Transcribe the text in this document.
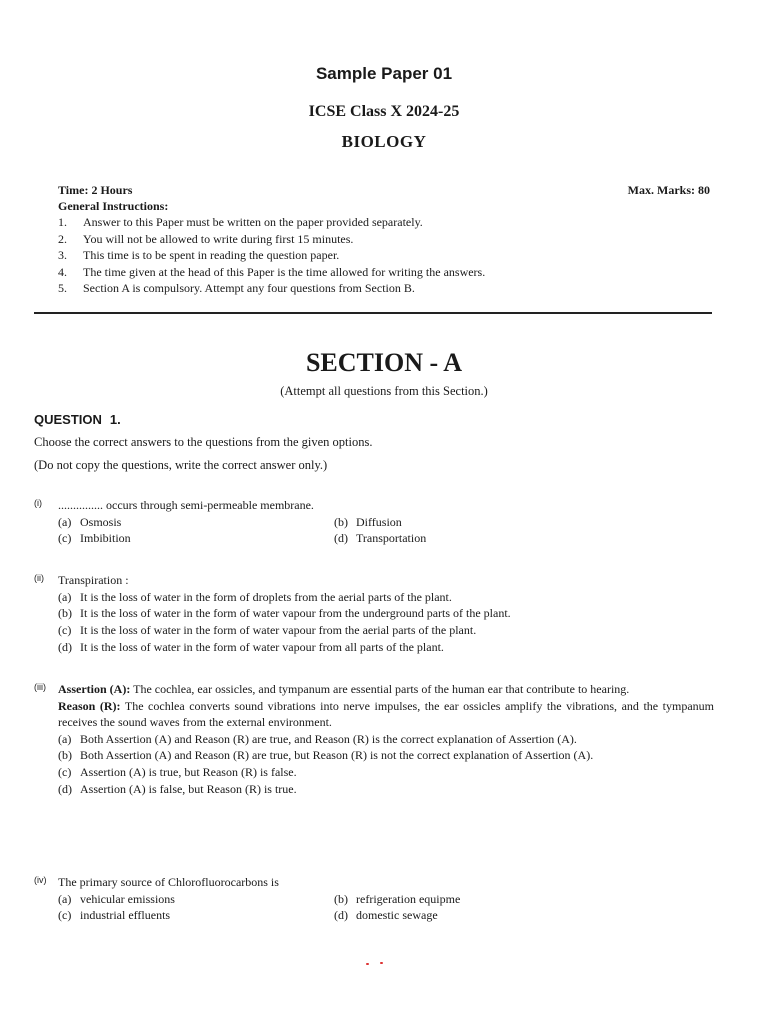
Sample Paper 01
ICSE Class X 2024-25
BIOLOGY
Time: 2 Hours	Max. Marks: 80
General Instructions:
1.	Answer to this Paper must be written on the paper provided separately.
2.	You will not be allowed to write during first 15 minutes.
3.	This time is to be spent in reading the question paper.
4.	The time given at the head of this Paper is the time allowed for writing the answers.
5.	Section A is compulsory. Attempt any four questions from Section B.
SECTION - A
(Attempt all questions from this Section.)
QUESTION 1.
Choose the correct answers to the questions from the given options.
(Do not copy the questions, write the correct answer only.)
(i) ............... occurs through semi-permeable membrane.
(a) Osmosis	(b) Diffusion
(c) Imbibition	(d) Transportation
(ii) Transpiration :
(a) It is the loss of water in the form of droplets from the aerial parts of the plant.
(b) It is the loss of water in the form of water vapour from the underground parts of the plant.
(c) It is the loss of water in the form of water vapour from the aerial parts of the plant.
(d) It is the loss of water in the form of water vapour from all parts of the plant.
(iii) Assertion (A): The cochlea, ear ossicles, and tympanum are essential parts of the human ear that contribute to hearing.
Reason (R): The cochlea converts sound vibrations into nerve impulses, the ear ossicles amplify the vibrations, and the tympanum receives the sound waves from the external environment.
(a) Both Assertion (A) and Reason (R) are true, and Reason (R) is the correct explanation of Assertion (A).
(b) Both Assertion (A) and Reason (R) are true, but Reason (R) is not the correct explanation of Assertion (A).
(c) Assertion (A) is true, but Reason (R) is false.
(d) Assertion (A) is false, but Reason (R) is true.
(iv) The primary source of Chlorofluorocarbons is
(a) vehicular emissions	(b) refrigeration equipme
(c) industrial effluents	(d) domestic sewage
